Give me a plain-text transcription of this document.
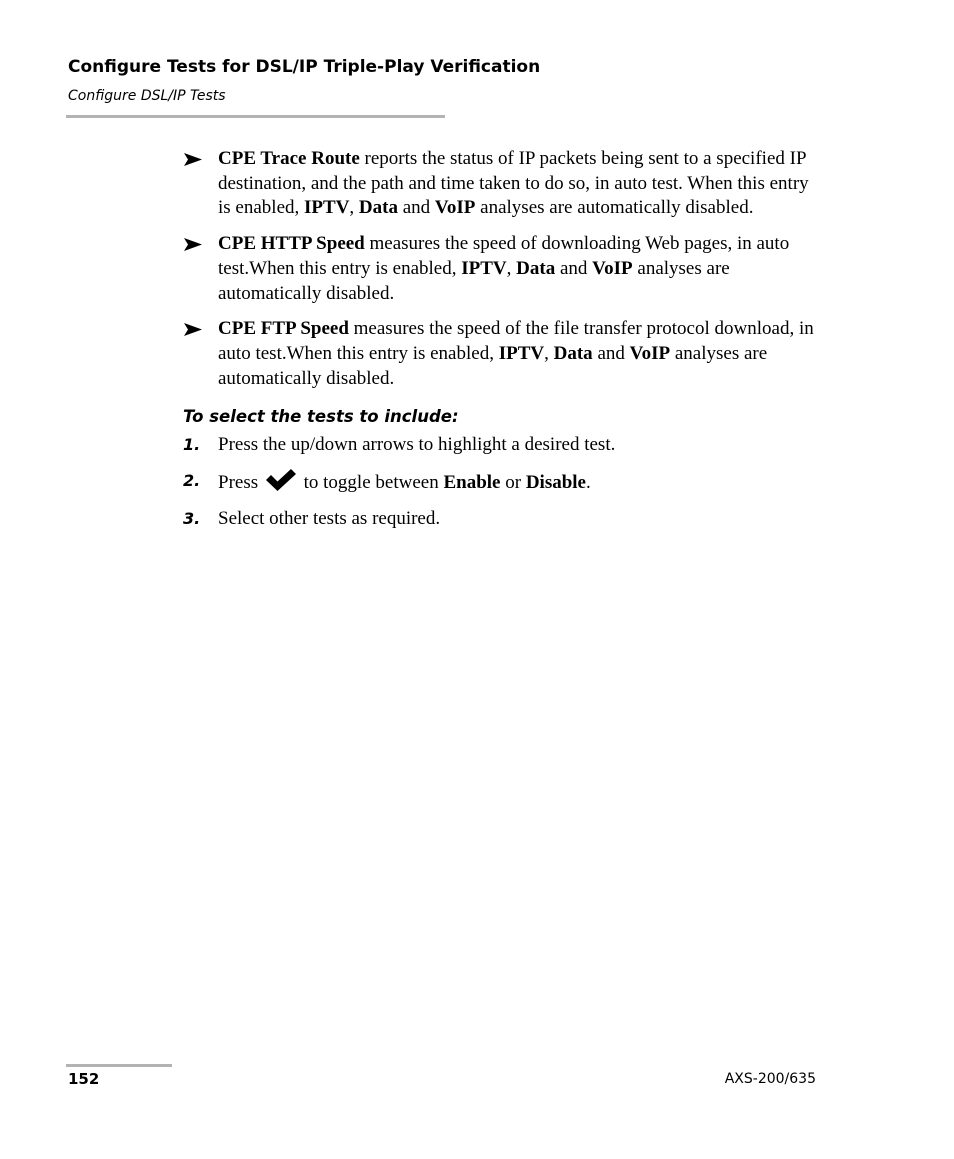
Configure Tests for DSL/IP Triple-Play Verification
Configure DSL/IP Tests
CPE Trace Route reports the status of IP packets being sent to a specified IP destination, and the path and time taken to do so, in auto test. When this entry is enabled, IPTV, Data and VoIP analyses are automatically disabled.
CPE HTTP Speed measures the speed of downloading Web pages, in auto test.When this entry is enabled, IPTV, Data and VoIP analyses are automatically disabled.
CPE FTP Speed measures the speed of the file transfer protocol download, in auto test.When this entry is enabled, IPTV, Data and VoIP analyses are automatically disabled.
To select the tests to include:
1. Press the up/down arrows to highlight a desired test.
2. Press  to toggle between Enable or Disable.
3. Select other tests as required.
152	AXS-200/635
